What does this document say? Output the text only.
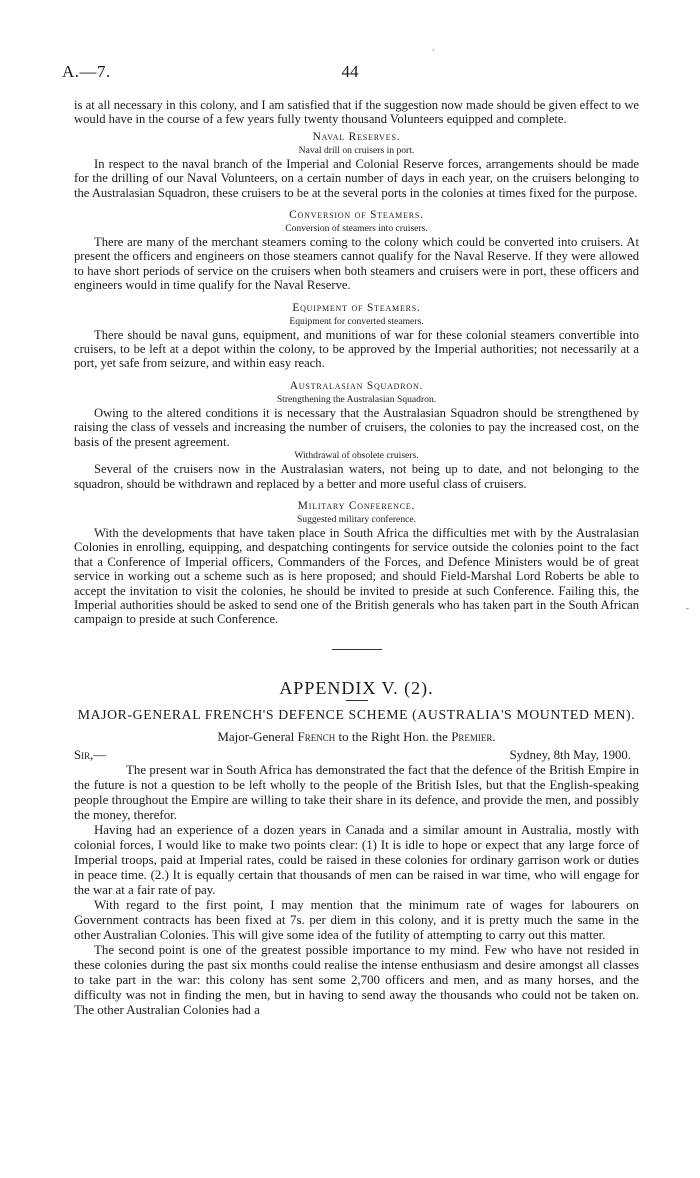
A.—7.	44
`
-

is at all necessary in this colony, and I am satisfied that if the suggestion now made should be given effect to we would have in the course of a few years fully twenty thousand Volunteers equipped and complete.

Naval Reserves.
Naval drill on cruisers in port.

In respect to the naval branch of the Imperial and Colonial Reserve forces, arrangements should be made for the drilling of our Naval Volunteers, on a certain number of days in each year, on the cruisers belonging to the Australasian Squadron, these cruisers to be at the several ports in the colonies at times fixed for the purpose.

Conversion of Steamers.
Conversion of steamers into cruisers.

There are many of the merchant steamers coming to the colony which could be converted into cruisers. At present the officers and engineers on those steamers cannot qualify for the Naval Reserve. If they were allowed to have short periods of service on the cruisers when both steamers and cruisers were in port, these officers and engineers would in time qualify for the Naval Reserve.

Equipment of Steamers.
Equipment for converted steamers.

There should be naval guns, equipment, and munitions of war for these colonial steamers convertible into cruisers, to be left at a depot within the colony, to be approved by the Imperial authorities; not necessarily at a port, yet safe from seizure, and within easy reach.

Australasian Squadron.
Strengthening the Australasian Squadron.

Owing to the altered conditions it is necessary that the Australasian Squadron should be strengthened by raising the class of vessels and increasing the number of cruisers, the colonies to pay the increased cost, on the basis of the present agreement.

Withdrawal of obsolete cruisers.

Several of the cruisers now in the Australasian waters, not being up to date, and not belonging to the squadron, should be withdrawn and replaced by a better and more useful class of cruisers.

Military Conference.
Suggested military conference.

With the developments that have taken place in South Africa the difficulties met with by the Australasian Colonies in enrolling, equipping, and despatching contingents for service outside the colonies point to the fact that a Conference of Imperial officers, Commanders of the Forces, and Defence Ministers would be of great service in working out a scheme such as is here proposed; and should Field-Marshal Lord Roberts be able to accept the invitation to visit the colonies, he should be invited to preside at such Conference. Failing this, the Imperial authorities should be asked to send one of the British generals who has taken part in the South African campaign to preside at such Conference.

APPENDIX V. (2).
MAJOR-GENERAL FRENCH'S DEFENCE SCHEME (AUSTRALIA'S MOUNTED MEN).
Major-General French to the Right Hon. the Premier.
Sir,—	Sydney, 8th May, 1900.

The present war in South Africa has demonstrated the fact that the defence of the British Empire in the future is not a question to be left wholly to the people of the British Isles, but that the English-speaking people throughout the Empire are willing to take their share in its defence, and provide the men, and possibly the money, therefor.

Having had an experience of a dozen years in Canada and a similar amount in Australia, mostly with colonial forces, I would like to make two points clear: (1) It is idle to hope or expect that any large force of Imperial troops, paid at Imperial rates, could be raised in these colonies for ordinary garrison work or duties in peace time. (2.) It is equally certain that thousands of men can be raised in war time, who will engage for the war at a fair rate of pay.

With regard to the first point, I may mention that the minimum rate of wages for labourers on Government contracts has been fixed at 7s. per diem in this colony, and it is pretty much the same in the other Australian Colonies. This will give some idea of the futility of attempting to carry out this matter.

The second point is one of the greatest possible importance to my mind. Few who have not resided in these colonies during the past six months could realise the intense enthusiasm and desire amongst all classes to take part in the war: this colony has sent some 2,700 officers and men, and as many horses, and the difficulty was not in finding the men, but in having to send away the thousands who could not be taken on. The other Australian Colonies had a
